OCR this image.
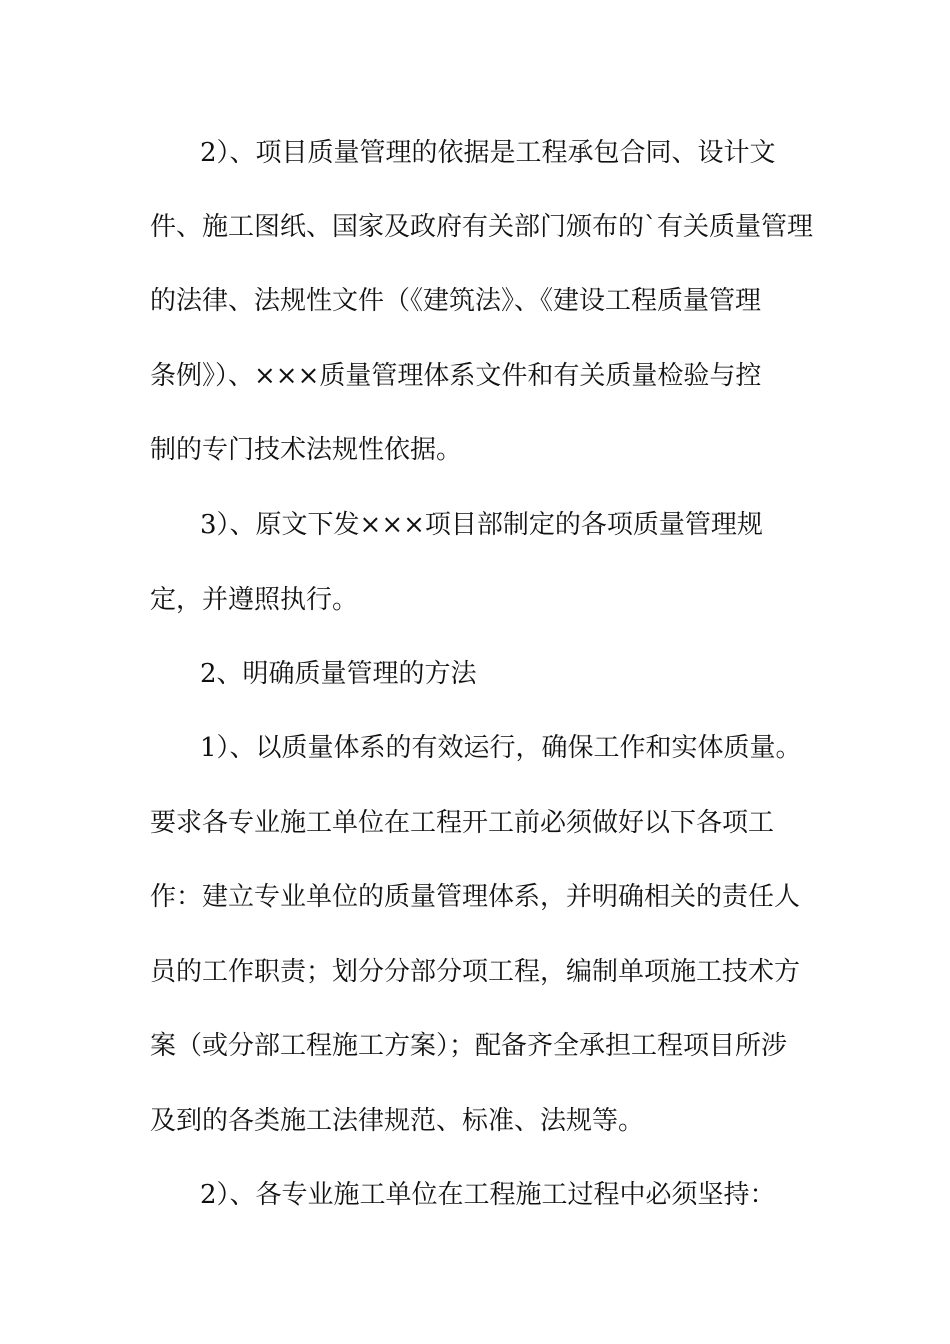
2）、项目质量管理的依据是工程承包合同、设计文
件、施工图纸、国家及政府有关部门颁布的`有关质量管理
的法律、法规性文件（《建筑法》、《建设工程质量管理
条例》）、×××质量管理体系文件和有关质量检验与控
制的专门技术法规性依据。
3）、原文下发×××项目部制定的各项质量管理规
定，并遵照执行。
2、明确质量管理的方法
1）、以质量体系的有效运行，确保工作和实体质量。
要求各专业施工单位在工程开工前必须做好以下各项工
作：建立专业单位的质量管理体系，并明确相关的责任人
员的工作职责；划分分部分项工程，编制单项施工技术方
案（或分部工程施工方案）；配备齐全承担工程项目所涉
及到的各类施工法律规范、标准、法规等。
2）、各专业施工单位在工程施工过程中必须坚持：
